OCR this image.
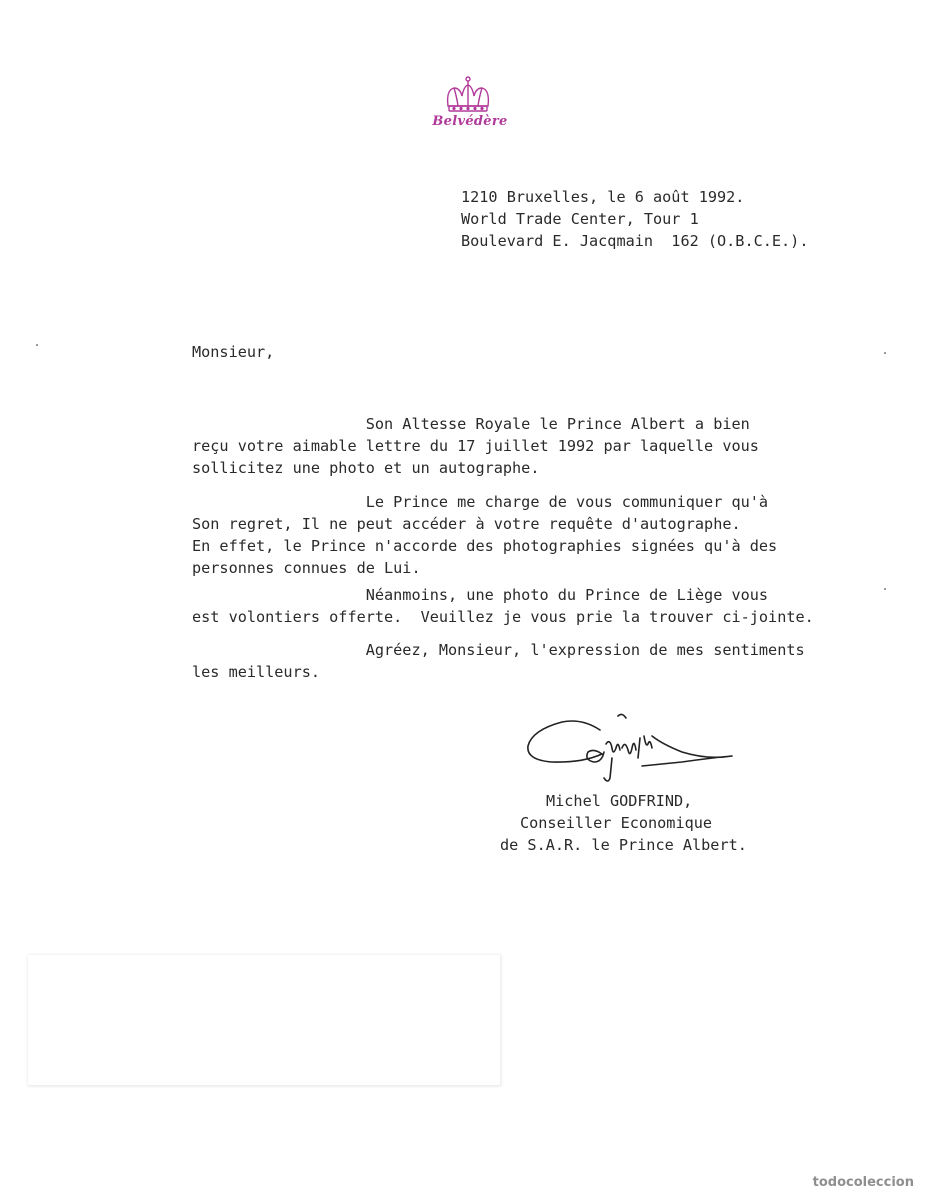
Belvédère
1210 Bruxelles, le 6 août 1992.
World Trade Center, Tour 1
Boulevard E. Jacqmain  162 (O.B.C.E.).
Monsieur,
Son Altesse Royale le Prince Albert a bien
reçu votre aimable lettre du 17 juillet 1992 par laquelle vous
sollicitez une photo et un autographe.
Le Prince me charge de vous communiquer qu'à
Son regret, Il ne peut accéder à votre requête d'autographe.
En effet, le Prince n'accorde des photographies signées qu'à des
personnes connues de Lui.
Néanmoins, une photo du Prince de Liège vous
est volontiers offerte.  Veuillez je vous prie la trouver ci-jointe.
Agréez, Monsieur, l'expression de mes sentiments
les meilleurs.

Michel GODFRIND,

Conseiller Economique

de S.A.R. le Prince Albert.

todocoleccion
